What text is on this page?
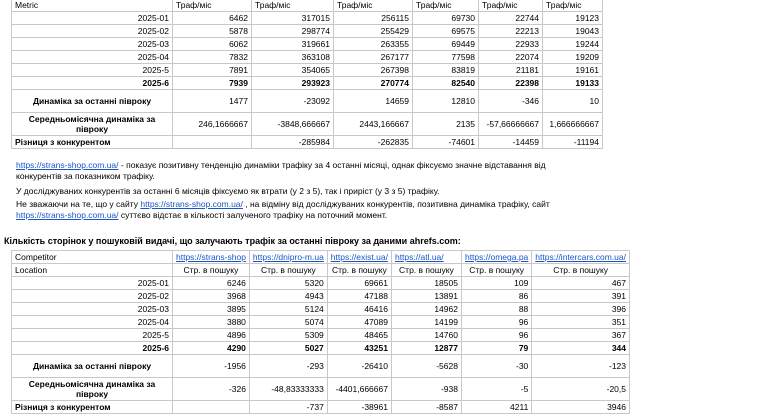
Metric	Траф/міс	Траф/міс	Траф/міс	Траф/міс	Траф/міс	Траф/міс
2025-01	6462	317015	256115	69730	22744	19123
2025-02	5878	298774	255429	69575	22213	19043
2025-03	6062	319661	263355	69449	22933	19244
2025-04	7832	363108	267177	77598	22074	19209
2025-5	7891	354065	267398	83819	21181	19161
2025-6	7939	293923	270774	82540	22398	19133
Динаміка за останні півроку	1477	-23092	14659	12810	-346	10
Середньомісячна динаміка за півроку	246,1666667	-3848,666667	2443,166667	2135	-57,66666667	1,666666667
Різниця з конкурентом		-285984	-262835	-74601	-14459	-11194
https://strans-shop.com.ua/ - показує позитивну тенденцію динаміки трафіку за 4 останні місяці, однак фіксуємо значне відставання від конкурентів за показником трафіку.
У досліджуваних конкурентів за останні 6 місяців фіксуємо як втрати (у 2 з 5), так і приріст (у 3 з 5) трафіку.
Не зважаючи на те, що у сайту https://strans-shop.com.ua/ , на відміну від досліджуваних конкурентів, позитивна динаміка трафіку, сайт https://strans-shop.com.ua/ суттєво відстає в кількості залученого трафіку на поточний момент.
Кількість сторінок у пошуковій видачі, що залучають трафік за останні півроку за даними ahrefs.com:
Competitor	https://strans-shop	https://dnipro-m.ua	https://exist.ua/	https://atl.ua/	https://omega.pa	https://intercars.com.ua/
Location	Стр. в пошуку	Стр. в пошуку	Стр. в пошуку	Стр. в пошуку	Стр. в пошуку	Стр. в пошуку
2025-01	6246	5320	69661	18505	109	467
2025-02	3968	4943	47188	13891	86	391
2025-03	3895	5124	46416	14962	88	396
2025-04	3880	5074	47089	14199	96	351
2025-5	4896	5309	48465	14760	96	367
2025-6	4290	5027	43251	12877	79	344
Динаміка за останні півроку	-1956	-293	-26410	-5628	-30	-123
Середньомісячна динаміка за півроку	-326	-48,83333333	-4401,666667	-938	-5	-20,5
Різниця з конкурентом		-737	-38961	-8587	4211	3946
